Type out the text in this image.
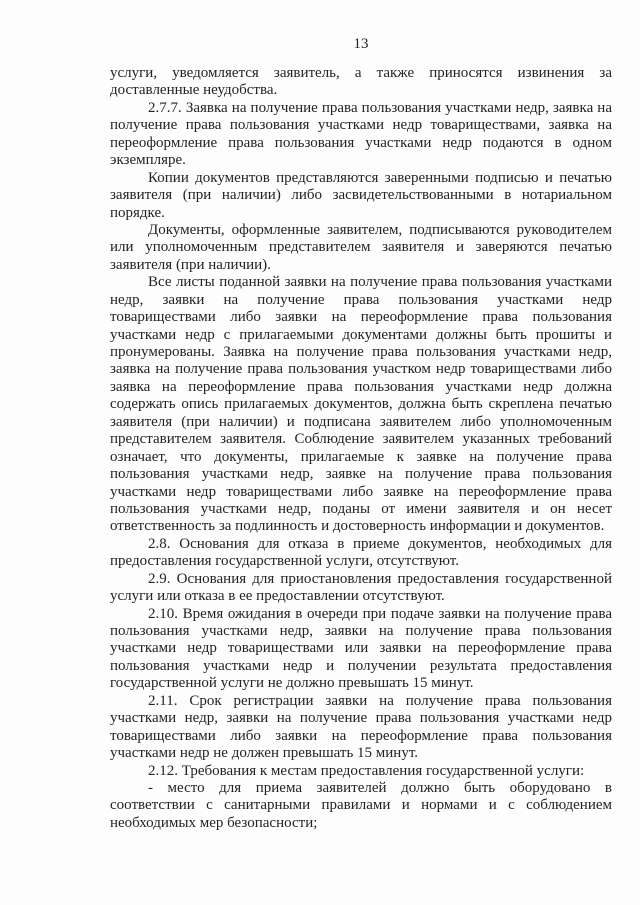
13
услуги, уведомляется заявитель, а также приносятся извинения за
доставленные неудобства.
2.7.7. Заявка на получение права пользования участками недр, заявка на
получение права пользования участками недр товариществами, заявка на
переоформление права пользования участками недр подаются в одном
экземпляре.
Копии документов представляются заверенными подписью и печатью
заявителя (при наличии) либо засвидетельствованными в нотариальном
порядке.
Документы, оформленные заявителем, подписываются руководителем
или уполномоченным представителем заявителя и заверяются печатью
заявителя (при наличии).
Все листы поданной заявки на получение права пользования участками
недр, заявки на получение права пользования участками недр
товариществами либо заявки на переоформление права пользования
участками недр с прилагаемыми документами должны быть прошиты и
пронумерованы. Заявка на получение права пользования участками недр,
заявка на получение права пользования участком недр товариществами либо
заявка на переоформление права пользования участками недр должна
содержать опись прилагаемых документов, должна быть скреплена печатью
заявителя (при наличии) и подписана заявителем либо уполномоченным
представителем заявителя. Соблюдение заявителем указанных требований
означает, что документы, прилагаемые к заявке на получение права
пользования участками недр, заявке на получение права пользования
участками недр товариществами либо заявке на переоформление права
пользования участками недр, поданы от имени заявителя и он несет
ответственность за подлинность и достоверность информации и документов.
2.8. Основания для отказа в приеме документов, необходимых для
предоставления государственной услуги, отсутствуют.
2.9. Основания для приостановления предоставления государственной
услуги или отказа в ее предоставлении отсутствуют.
2.10. Время ожидания в очереди при подаче заявки на получение права
пользования участками недр, заявки на получение права пользования
участками недр товариществами или заявки на переоформление права
пользования участками недр и получении результата предоставления
государственной услуги не должно превышать 15 минут.
2.11. Срок регистрации заявки на получение права пользования
участками недр, заявки на получение права пользования участками недр
товариществами либо заявки на переоформление права пользования
участками недр не должен превышать 15 минут.
2.12. Требования к местам предоставления государственной услуги:
- место для приема заявителей должно быть оборудовано в
соответствии с санитарными правилами и нормами и с соблюдением
необходимых мер безопасности;
